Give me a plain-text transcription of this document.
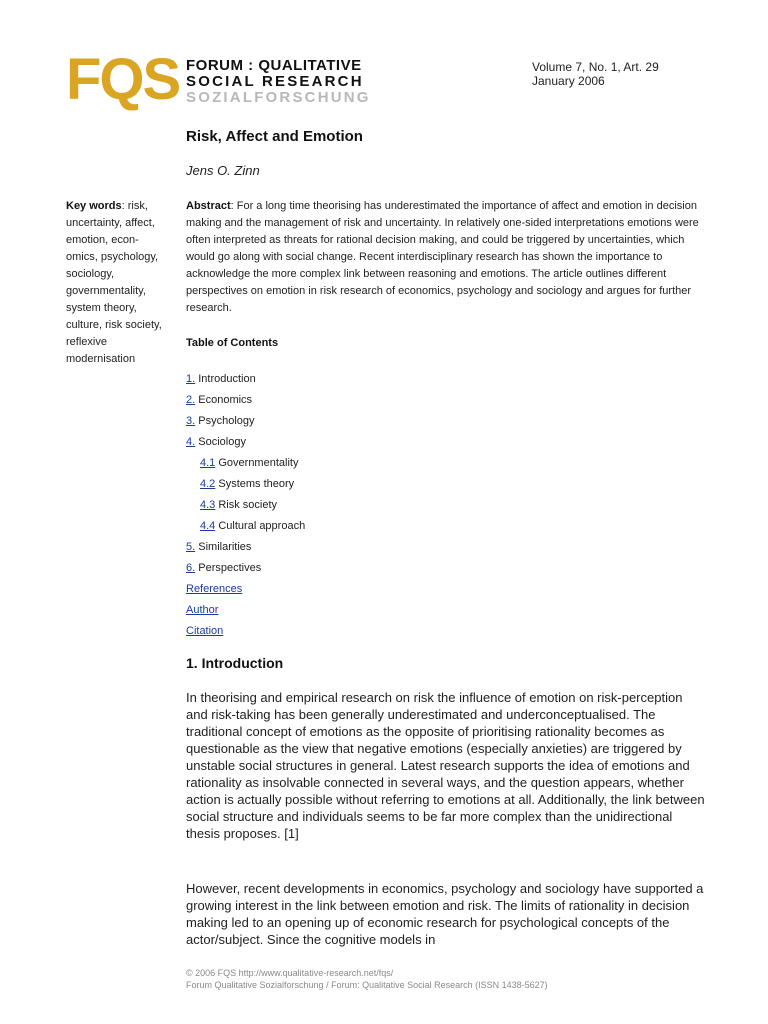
FQS FORUM : QUALITATIVE
SOCIAL RESEARCH
SOZIALFORSCHUNG
Volume 7, No. 1, Art. 29
January 2006
Risk, Affect and Emotion
Jens O. Zinn
Key words: risk, uncertainty, affect, emotion, econ-omics, psychology, sociology, governmentality, system theory, culture, risk society, reflexive modernisation
Abstract: For a long time theorising has underestimated the importance of affect and emotion in decision making and the management of risk and uncertainty. In relatively one-sided interpretations emotions were often interpreted as threats for rational decision making, and could be triggered by uncertainties, which would go along with social change. Recent interdisciplinary research has shown the importance to acknowledge the more complex link between reasoning and emotions. The article outlines different perspectives on emotion in risk research of economics, psychology and sociology and argues for further research.
Table of Contents
1. Introduction
2. Economics
3. Psychology
4. Sociology
4.1 Governmentality
4.2 Systems theory
4.3 Risk society
4.4 Cultural approach
5. Similarities
6. Perspectives
References
Author
Citation
1. Introduction
In theorising and empirical research on risk the influence of emotion on risk-perception and risk-taking has been generally underestimated and underconceptualised. The traditional concept of emotions as the opposite of prioritising rationality becomes as questionable as the view that negative emotions (especially anxieties) are triggered by unstable social structures in general. Latest research supports the idea of emotions and rationality as insolvable connected in several ways, and the question appears, whether action is actually possible without referring to emotions at all. Additionally, the link between social structure and individuals seems to be far more complex than the unidirectional thesis proposes. [1]
However, recent developments in economics, psychology and sociology have supported a growing interest in the link between emotion and risk. The limits of rationality in decision making led to an opening up of economic research for psychological concepts of the actor/subject. Since the cognitive models in
© 2006 FQS http://www.qualitative-research.net/fqs/
Forum Qualitative Sozialforschung / Forum: Qualitative Social Research (ISSN 1438-5627)
